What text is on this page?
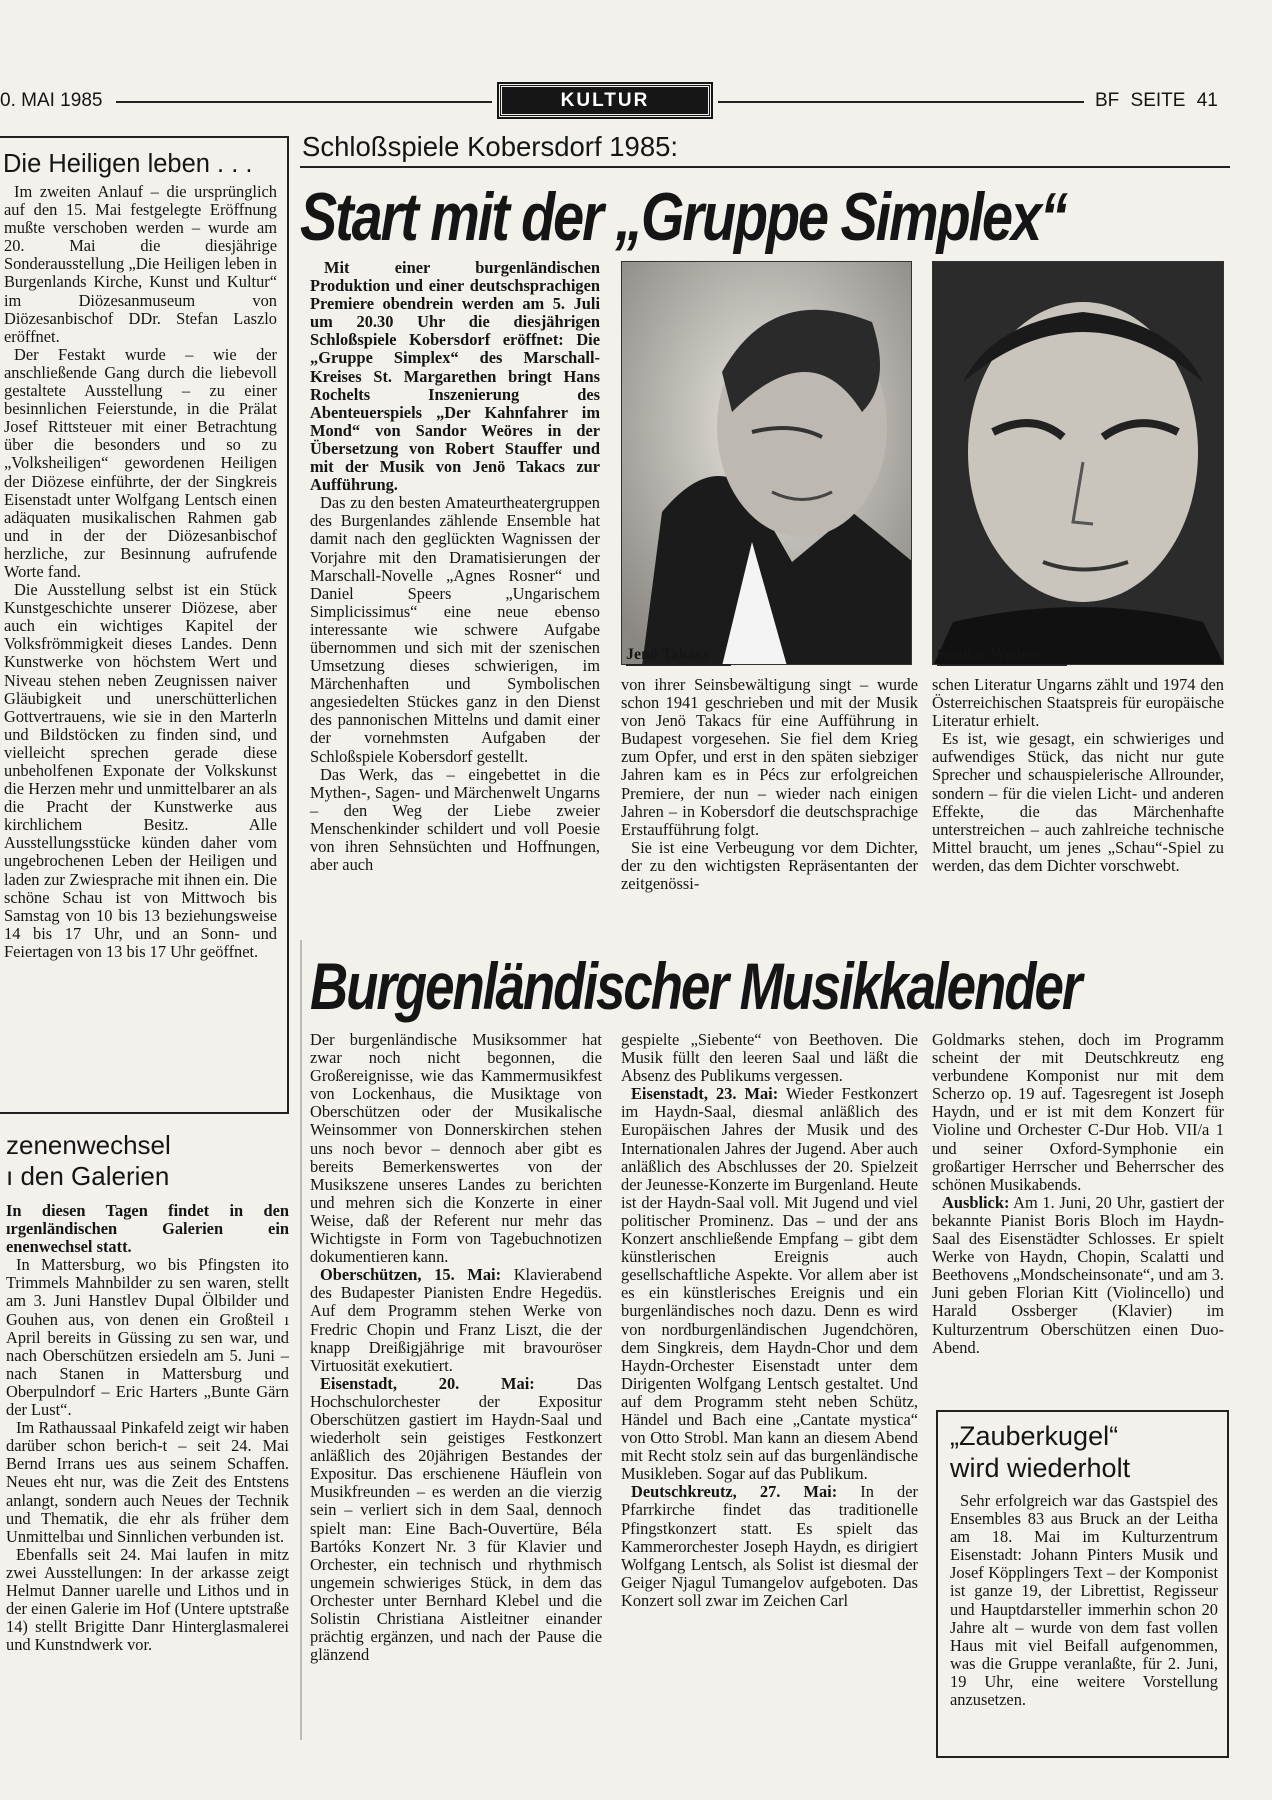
0. MAI 1985	KULTUR	BF SEITE 41
Die Heiligen leben . . .

Im zweiten Anlauf – die ursprünglich auf den 15. Mai festgelegte Eröffnung mußte verschoben werden – wurde am 20. Mai die diesjährige Sonderausstellung „Die Heiligen leben in Burgenlands Kirche, Kunst und Kultur“ im Diözesanmuseum von Diözesanbischof DDr. Stefan Laszlo eröffnet.

Der Festakt wurde – wie der anschließende Gang durch die liebevoll gestaltete Ausstellung – zu einer besinnlichen Feierstunde, in die Prälat Josef Rittsteuer mit einer Betrachtung über die besonders und so zu „Volksheiligen“ gewordenen Heiligen der Diözese einführte, der der Singkreis Eisenstadt unter Wolfgang Lentsch einen adäquaten musikalischen Rahmen gab und in der der Diözesanbischof herzliche, zur Besinnung aufrufende Worte fand.

Die Ausstellung selbst ist ein Stück Kunstgeschichte unserer Diözese, aber auch ein wichtiges Kapitel der Volksfrömmigkeit dieses Landes. Denn Kunstwerke von höchstem Wert und Niveau stehen neben Zeugnissen naiver Gläubigkeit und unerschütterlichen Gottvertrauens, wie sie in den Marterln und Bildstöcken zu finden sind, und vielleicht sprechen gerade diese unbeholfenen Exponate der Volkskunst die Herzen mehr und unmittelbarer an als die Pracht der Kunstwerke aus kirchlichem Besitz. Alle Ausstellungsstücke künden daher vom ungebrochenen Leben der Heiligen und laden zur Zwiesprache mit ihnen ein. Die schöne Schau ist von Mittwoch bis Samstag von 10 bis 13 beziehungsweise 14 bis 17 Uhr, und an Sonn- und Feiertagen von 13 bis 17 Uhr geöffnet.

zenenwechsel
ı den Galerien

In diesen Tagen findet in den ırgenländischen Galerien ein enenwechsel statt.

In Mattersburg, wo bis Pfingsten ito Trimmels Mahnbilder zu sen waren, stellt am 3. Juni Hanstlev Dupal Ölbilder und Gouhen aus, von denen ein Großteil ı April bereits in Güssing zu sen war, und nach Oberschützen ersiedeln am 5. Juni – nach Stanen in Mattersburg und Oberpulndorf – Eric Harters „Bunte Gärn der Lust“.

Im Rathaussaal Pinkafeld zeigt wir haben darüber schon berich-t – seit 24. Mai Bernd Irrans ues aus seinem Schaffen. Neues eht nur, was die Zeit des Entstens anlangt, sondern auch Neues der Technik und Thematik, die ehr als früher dem Unmittelbaı und Sinnlichen verbunden ist.

Ebenfalls seit 24. Mai laufen in mitz zwei Ausstellungen: In der arkasse zeigt Helmut Danner uarelle und Lithos und in der einen Galerie im Hof (Untere uptstraße 14) stellt Brigitte Danr Hinterglasmalerei und Kunstndwerk vor.

Schloßspiele Kobersdorf 1985:
Start mit der „Gruppe Simplex“

Mit einer burgenländischen Produktion und einer deutschsprachigen Premiere obendrein werden am 5. Juli um 20.30 Uhr die diesjährigen Schloßspiele Kobersdorf eröffnet: Die „Gruppe Simplex“ des Marschall-Kreises St. Margarethen bringt Hans Rochelts Inszenierung des Abenteuerspiels „Der Kahnfahrer im Mond“ von Sandor Weöres in der Übersetzung von Robert Stauffer und mit der Musik von Jenö Takacs zur Aufführung.

Das zu den besten Amateurtheatergruppen des Burgenlandes zählende Ensemble hat damit nach den geglückten Wagnissen der Vorjahre mit den Dramatisierungen der Marschall-Novelle „Agnes Rosner“ und Daniel Speers „Ungarischem Simplicissimus“ eine neue ebenso interessante wie schwere Aufgabe übernommen und sich mit der szenischen Umsetzung dieses schwierigen, im Märchenhaften und Symbolischen angesiedelten Stückes ganz in den Dienst des pannonischen Mittelns und damit einer der vornehmsten Aufgaben der Schloßspiele Kobersdorf gestellt.

Das Werk, das – eingebettet in die Mythen-, Sagen- und Märchenwelt Ungarns – den Weg der Liebe zweier Menschenkinder schildert und voll Poesie von ihren Sehnsüchten und Hoffnungen, aber auch

Jenö Takacs	Sandor Weöres

von ihrer Seinsbewältigung singt – wurde schon 1941 geschrieben und mit der Musik von Jenö Takacs für eine Aufführung in Budapest vorgesehen. Sie fiel dem Krieg zum Opfer, und erst in den späten siebziger Jahren kam es in Pécs zur erfolgreichen Premiere, der nun – wieder nach einigen Jahren – in Kobersdorf die deutschsprachige Erstaufführung folgt.

Sie ist eine Verbeugung vor dem Dichter, der zu den wichtigsten Repräsentanten der zeitgenössi-

schen Literatur Ungarns zählt und 1974 den Österreichischen Staatspreis für europäische Literatur erhielt.

Es ist, wie gesagt, ein schwieriges und aufwendiges Stück, das nicht nur gute Sprecher und schauspielerische Allrounder, sondern – für die vielen Licht- und anderen Effekte, die das Märchenhafte unterstreichen – auch zahlreiche technische Mittel braucht, um jenes „Schau“-Spiel zu werden, das dem Dichter vorschwebt.

Burgenländischer Musikkalender

Der burgenländische Musiksommer hat zwar noch nicht begonnen, die Großereignisse, wie das Kammermusikfest von Lockenhaus, die Musiktage von Oberschützen oder der Musikalische Weinsommer von Donnerskirchen stehen uns noch bevor – dennoch aber gibt es bereits Bemerkenswertes von der Musikszene unseres Landes zu berichten und mehren sich die Konzerte in einer Weise, daß der Referent nur mehr das Wichtigste in Form von Tagebuchnotizen dokumentieren kann.

Oberschützen, 15. Mai: Klavierabend des Budapester Pianisten Endre Hegedüs. Auf dem Programm stehen Werke von Fredric Chopin und Franz Liszt, die der knapp Dreißigjährige mit bravouröser Virtuosität exekutiert.

Eisenstadt, 20. Mai: Das Hochschulorchester der Expositur Oberschützen gastiert im Haydn-Saal und wiederholt sein geistiges Festkonzert anläßlich des 20jährigen Bestandes der Expositur. Das erschienene Häuflein von Musikfreunden – es werden an die vierzig sein – verliert sich in dem Saal, dennoch spielt man: Eine Bach-Ouvertüre, Béla Bartóks Konzert Nr. 3 für Klavier und Orchester, ein technisch und rhythmisch ungemein schwieriges Stück, in dem das Orchester unter Bernhard Klebel und die Solistin Christiana Aistleitner einander prächtig ergänzen, und nach der Pause die glänzend

gespielte „Siebente“ von Beethoven. Die Musik füllt den leeren Saal und läßt die Absenz des Publikums vergessen.

Eisenstadt, 23. Mai: Wieder Festkonzert im Haydn-Saal, diesmal anläßlich des Europäischen Jahres der Musik und des Internationalen Jahres der Jugend. Aber auch anläßlich des Abschlusses der 20. Spielzeit der Jeunesse-Konzerte im Burgenland. Heute ist der Haydn-Saal voll. Mit Jugend und viel politischer Prominenz. Das – und der ans Konzert anschließende Empfang – gibt dem künstlerischen Ereignis auch gesellschaftliche Aspekte. Vor allem aber ist es ein künstlerisches Ereignis und ein burgenländisches noch dazu. Denn es wird von nordburgenländischen Jugendchören, dem Singkreis, dem Haydn-Chor und dem Haydn-Orchester Eisenstadt unter dem Dirigenten Wolfgang Lentsch gestaltet. Und auf dem Programm steht neben Schütz, Händel und Bach eine „Cantate mystica“ von Otto Strobl. Man kann an diesem Abend mit Recht stolz sein auf das burgenländische Musikleben. Sogar auf das Publikum.

Deutschkreutz, 27. Mai: In der Pfarrkirche findet das traditionelle Pfingstkonzert statt. Es spielt das Kammerorchester Joseph Haydn, es dirigiert Wolfgang Lentsch, als Solist ist diesmal der Geiger Njagul Tumangelov aufgeboten. Das Konzert soll zwar im Zeichen Carl

Goldmarks stehen, doch im Programm scheint der mit Deutschkreutz eng verbundene Komponist nur mit dem Scherzo op. 19 auf. Tagesregent ist Joseph Haydn, und er ist mit dem Konzert für Violine und Orchester C-Dur Hob. VII/a 1 und seiner Oxford-Symphonie ein großartiger Herrscher und Beherrscher des schönen Musikabends.

Ausblick: Am 1. Juni, 20 Uhr, gastiert der bekannte Pianist Boris Bloch im Haydn-Saal des Eisenstädter Schlosses. Er spielt Werke von Haydn, Chopin, Scalatti und Beethovens „Mondscheinsonate“, und am 3. Juni geben Florian Kitt (Violincello) und Harald Ossberger (Klavier) im Kulturzentrum Oberschützen einen Duo-Abend.

„Zauberkugel“
wird wiederholt

Sehr erfolgreich war das Gastspiel des Ensembles 83 aus Bruck an der Leitha am 18. Mai im Kulturzentrum Eisenstadt: Johann Pinters Musik und Josef Köpplingers Text – der Komponist ist ganze 19, der Librettist, Regisseur und Hauptdarsteller immerhin schon 20 Jahre alt – wurde von dem fast vollen Haus mit viel Beifall aufgenommen, was die Gruppe veranlaßte, für 2. Juni, 19 Uhr, eine weitere Vorstellung anzusetzen.
